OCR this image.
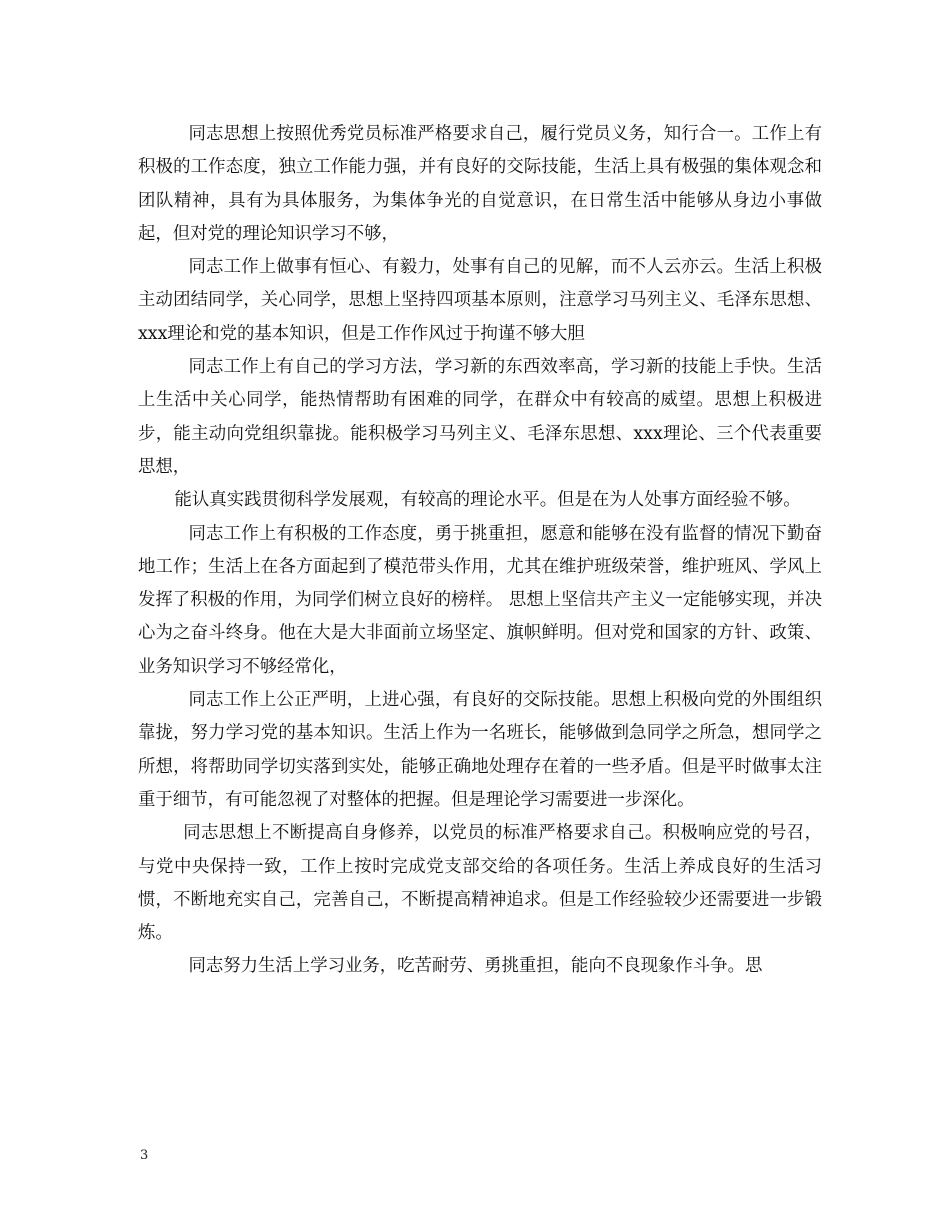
同志思想上按照优秀党员标准严格要求自己，履行党员义务，知行合一。工作上有积极的工作态度，独立工作能力强，并有良好的交际技能，生活上具有极强的集体观念和团队精神，具有为具体服务，为集体争光的自觉意识，在日常生活中能够从身边小事做起，但对党的理论知识学习不够，

同志工作上做事有恒心、有毅力，处事有自己的见解，而不人云亦云。生活上积极主动团结同学，关心同学，思想上坚持四项基本原则，注意学习马列主义、毛泽东思想、xxx理论和党的基本知识，但是工作作风过于拘谨不够大胆

同志工作上有自己的学习方法，学习新的东西效率高，学习新的技能上手快。生活上生活中关心同学，能热情帮助有困难的同学，在群众中有较高的威望。思想上积极进步，能主动向党组织靠拢。能积极学习马列主义、毛泽东思想、xxx理论、三个代表重要思想，

能认真实践贯彻科学发展观，有较高的理论水平。但是在为人处事方面经验不够。

同志工作上有积极的工作态度，勇于挑重担，愿意和能够在没有监督的情况下勤奋地工作；生活上在各方面起到了模范带头作用，尤其在维护班级荣誉，维护班风、学风上发挥了积极的作用，为同学们树立良好的榜样。 思想上坚信共产主义一定能够实现，并决心为之奋斗终身。他在大是大非面前立场坚定、旗帜鲜明。但对党和国家的方针、政策、业务知识学习不够经常化，

同志工作上公正严明，上进心强，有良好的交际技能。思想上积极向党的外围组织靠拢，努力学习党的基本知识。生活上作为一名班长，能够做到急同学之所急，想同学之所想，将帮助同学切实落到实处，能够正确地处理存在着的一些矛盾。但是平时做事太注重于细节，有可能忽视了对整体的把握。但是理论学习需要进一步深化。

同志思想上不断提高自身修养，以党员的标准严格要求自己。积极响应党的号召，与党中央保持一致，工作上按时完成党支部交给的各项任务。生活上养成良好的生活习惯，不断地充实自己，完善自己，不断提高精神追求。但是工作经验较少还需要进一步锻炼。

同志努力生活上学习业务，吃苦耐劳、勇挑重担，能向不良现象作斗争。思

3
